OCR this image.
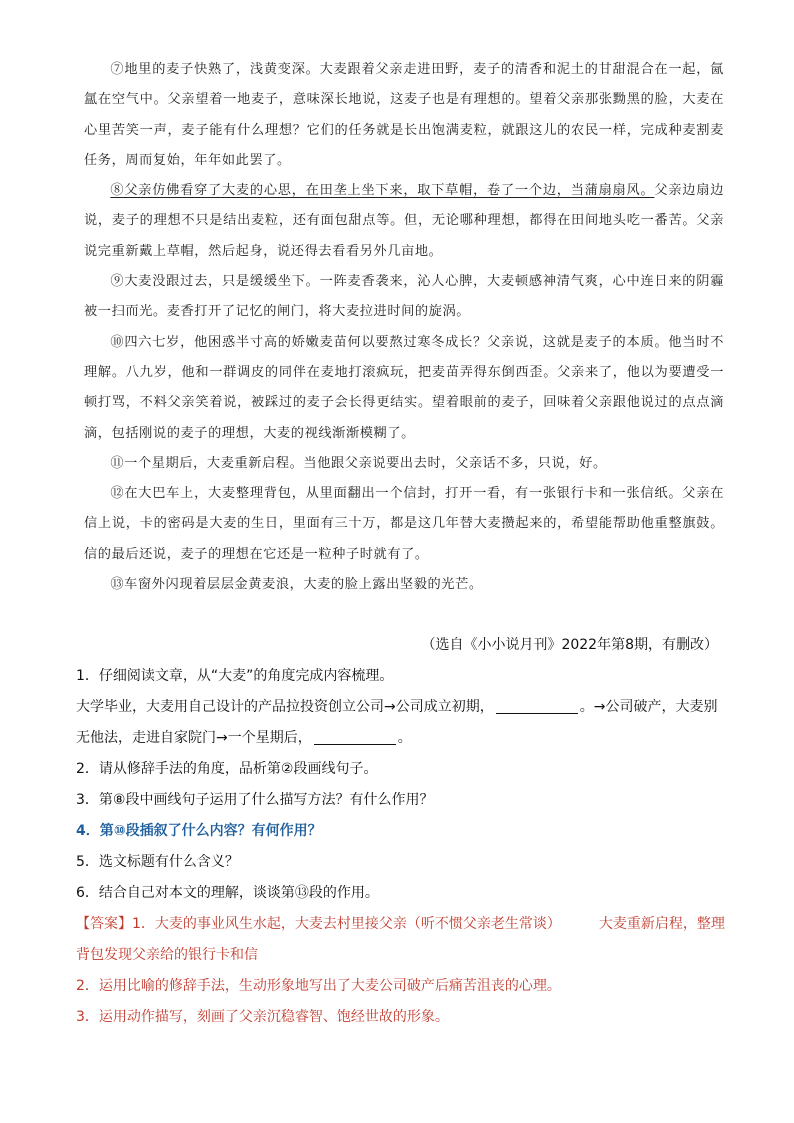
⑦地里的麦子快熟了，浅黄变深。大麦跟着父亲走进田野，麦子的清香和泥土的甘甜混合在一起，氤氲在空气中。父亲望着一地麦子，意味深长地说，这麦子也是有理想的。望着父亲那张黝黑的脸，大麦在心里苦笑一声，麦子能有什么理想？它们的任务就是长出饱满麦粒，就跟这儿的农民一样，完成种麦割麦任务，周而复始，年年如此罢了。

⑧父亲仿佛看穿了大麦的心思，在田垄上坐下来，取下草帽，卷了一个边，当蒲扇扇风。父亲边扇边说，麦子的理想不只是结出麦粒，还有面包甜点等。但，无论哪种理想，都得在田间地头吃一番苦。父亲说完重新戴上草帽，然后起身，说还得去看看另外几亩地。

⑨大麦没跟过去，只是缓缓坐下。一阵麦香袭来，沁人心脾，大麦顿感神清气爽，心中连日来的阴霾被一扫而光。麦香打开了记忆的闸门，将大麦拉进时间的旋涡。

⑩四六七岁，他困惑半寸高的娇嫩麦苗何以要熬过寒冬成长？父亲说，这就是麦子的本质。他当时不理解。八九岁，他和一群调皮的同伴在麦地打滚疯玩，把麦苗弄得东倒西歪。父亲来了，他以为要遭受一顿打骂，不料父亲笑着说，被踩过的麦子会长得更结实。望着眼前的麦子，回味着父亲跟他说过的点点滴滴，包括刚说的麦子的理想，大麦的视线渐渐模糊了。

⑪一个星期后，大麦重新启程。当他跟父亲说要出去时，父亲话不多，只说，好。

⑫在大巴车上，大麦整理背包，从里面翻出一个信封，打开一看，有一张银行卡和一张信纸。父亲在信上说，卡的密码是大麦的生日，里面有三十万，都是这几年替大麦攒起来的，希望能帮助他重整旗鼓。信的最后还说，麦子的理想在它还是一粒种子时就有了。

⑬车窗外闪现着层层金黄麦浪，大麦的脸上露出坚毅的光芒。

（选自《小小说月刊》2022年第8期，有删改）
1．仔细阅读文章，从“大麦”的角度完成内容梳理。
大学毕业，大麦用自己设计的产品拉投资创立公司→公司成立初期，	。→公司破产，大麦别
无他法，走进自家院门→一个星期后，	。
2．请从修辞手法的角度，品析第②段画线句子。
3．第⑧段中画线句子运用了什么描写方法？有什么作用？
4．第⑩段插叙了什么内容？有何作用？
5．选文标题有什么含义？
6．结合自己对本文的理解，谈谈第⑬段的作用。
【答案】1．大麦的事业风生水起，大麦去村里接父亲（听不惯父亲老生常谈）	大麦重新启程，整理
背包发现父亲给的银行卡和信
2．运用比喻的修辞手法，生动形象地写出了大麦公司破产后痛苦沮丧的心理。
3．运用动作描写，刻画了父亲沉稳睿智、饱经世故的形象。
